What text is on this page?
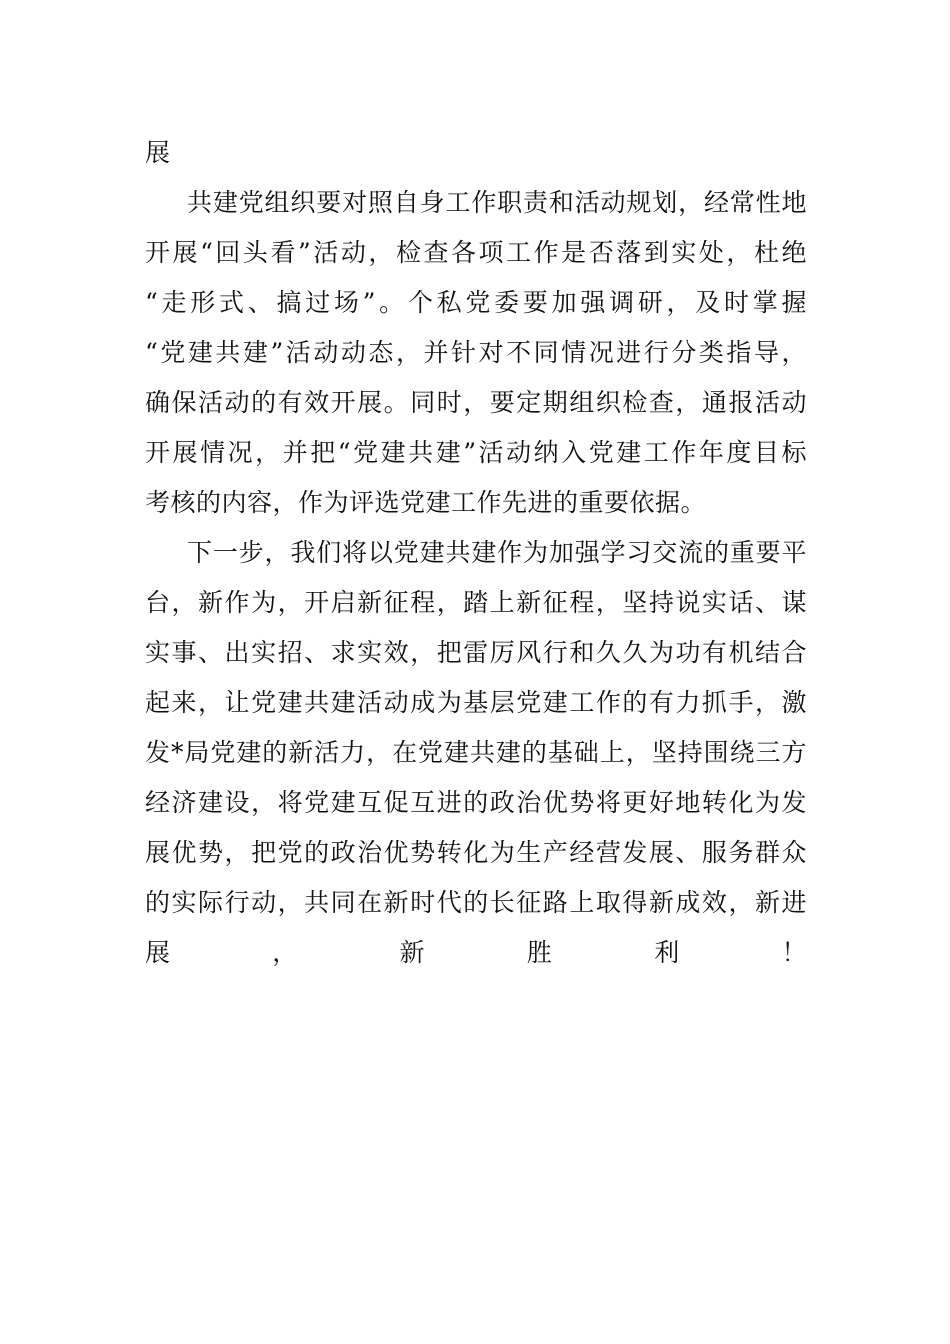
展
共建党组织要对照自身工作职责和活动规划，经常性地
开展“回头看”活动，检查各项工作是否落到实处，杜绝
“走形式、搞过场”。个私党委要加强调研，及时掌握
“党建共建”活动动态，并针对不同情况进行分类指导，
确保活动的有效开展。同时，要定期组织检查，通报活动
开展情况，并把“党建共建”活动纳入党建工作年度目标
考核的内容，作为评选党建工作先进的重要依据。
下一步，我们将以党建共建作为加强学习交流的重要平
台，新作为，开启新征程，踏上新征程，坚持说实话、谋
实事、出实招、求实效，把雷厉风行和久久为功有机结合
起来，让党建共建活动成为基层党建工作的有力抓手，激
发*局党建的新活力，在党建共建的基础上，坚持围绕三方
经济建设，将党建互促互进的政治优势将更好地转化为发
展优势，把党的政治优势转化为生产经营发展、服务群众
的实际行动，共同在新时代的长征路上取得新成效，新进
展，新胜利！
